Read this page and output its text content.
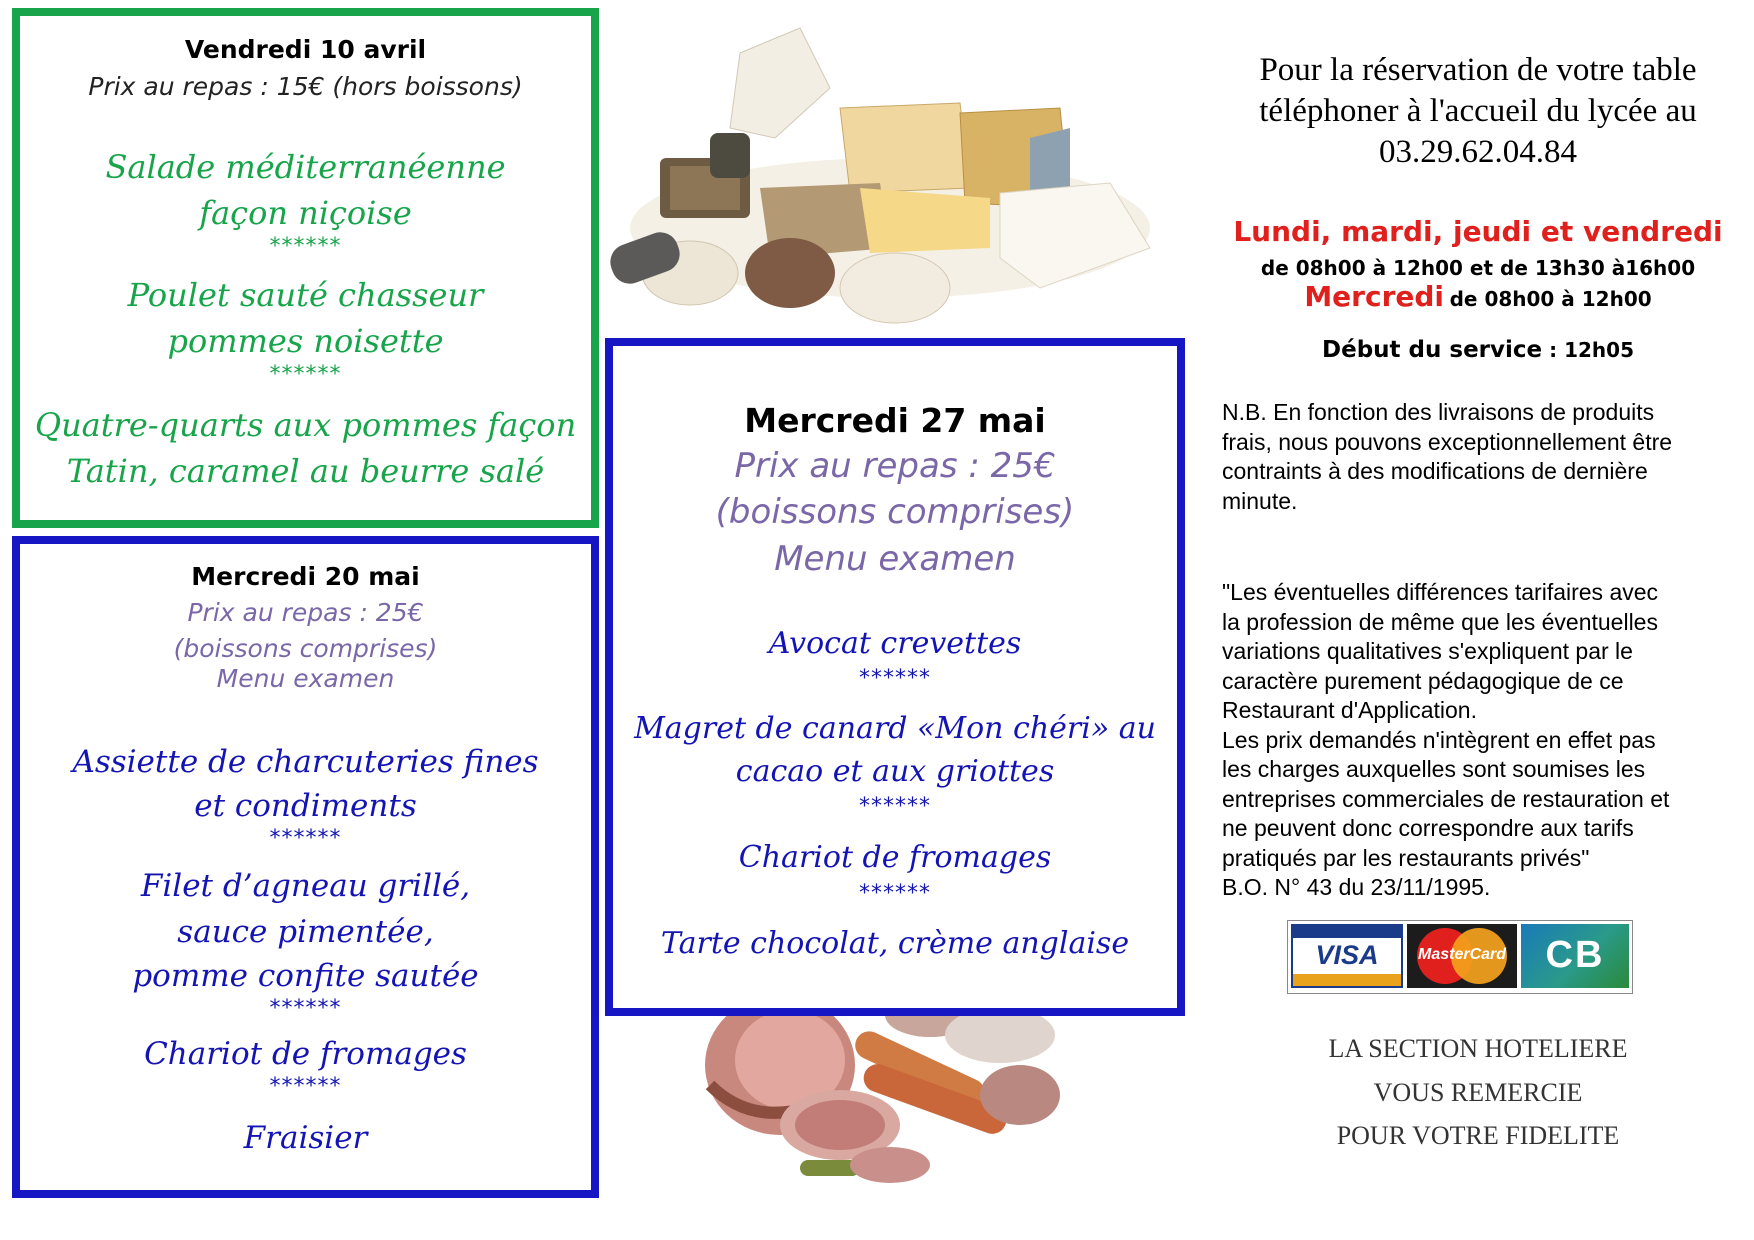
Vendredi 10 avril
Prix au repas : 15€ (hors boissons)
Salade méditerranéenne
façon niçoise
******
Poulet sauté chasseur
pommes noisette
******
Quatre-quarts aux pommes façon
Tatin, caramel au beurre salé
Mercredi 20 mai
Prix au repas : 25€
(boissons comprises)
Menu examen
Assiette de charcuteries fines
et condiments
******
Filet d’agneau grillé,
sauce pimentée,
pomme confite sautée
******
Chariot de fromages
******
Fraisier
Mercredi 27 mai
Prix au repas : 25€
(boissons comprises)
Menu examen
Avocat crevettes
******
Magret de canard «Mon chéri» au
cacao et aux griottes
******
Chariot de fromages
******
Tarte chocolat, crème anglaise
Pour la réservation de votre table
téléphoner à l'accueil du lycée au
03.29.62.04.84
Lundi, mardi, jeudi et vendredi
de 08h00 à 12h00 et de 13h30 à16h00
Mercredi de 08h00 à 12h00
Début du service : 12h05
N.B. En fonction des livraisons de produits
frais, nous pouvons exceptionnellement être
contraints à des modifications de dernière
minute.
"Les éventuelles différences tarifaires avec
la profession de même que les éventuelles
variations qualitatives s'expliquent par le
caractère purement pédagogique de ce
Restaurant d'Application.
Les prix demandés n'intègrent en effet pas
les charges auxquelles sont soumises les
entreprises commerciales de restauration et
ne peuvent donc correspondre aux tarifs
pratiqués par les restaurants privés"
B.O. N° 43 du 23/11/1995.
VISA	MasterCard	CB
LA SECTION HOTELIERE
VOUS REMERCIE
POUR VOTRE FIDELITE
